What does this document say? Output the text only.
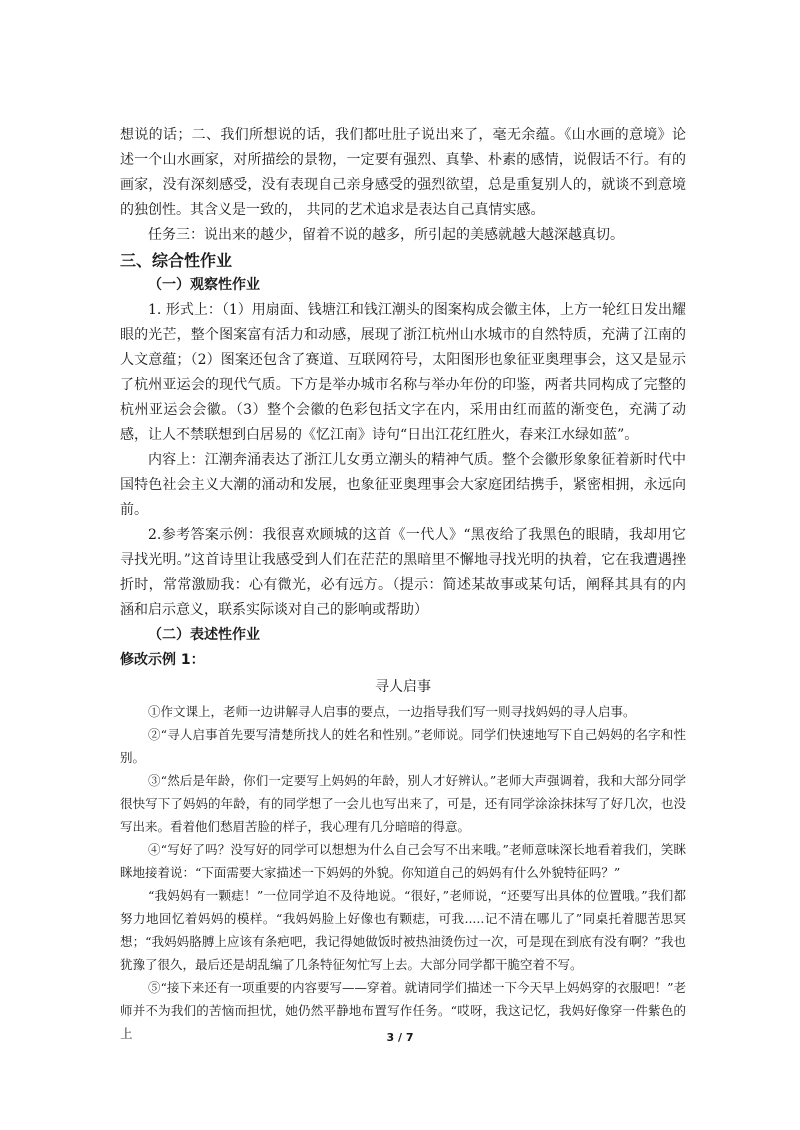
想说的话；二、我们所想说的话，我们都吐肚子说出来了，毫无余蕴。《山水画的意境》论述一个山水画家，对所描绘的景物，一定要有强烈、真挚、朴素的感情，说假话不行。有的画家，没有深刻感受，没有表现自己亲身感受的强烈欲望，总是重复别人的，就谈不到意境的独创性。其含义是一致的， 共同的艺术追求是表达自己真情实感。

任务三：说出来的越少，留着不说的越多，所引起的美感就越大越深越真切。

三、综合性作业
（一）观察性作业

1. 形式上：（1）用扇面、钱塘江和钱江潮头的图案构成会徽主体，上方一轮红日发出耀眼的光芒，整个图案富有活力和动感，展现了浙江杭州山水城市的自然特质，充满了江南的人文意蕴；（2）图案还包含了赛道、互联网符号，太阳图形也象征亚奥理事会，这又是显示了杭州亚运会的现代气质。下方是举办城市名称与举办年份的印鉴，两者共同构成了完整的杭州亚运会会徽。（3）整个会徽的色彩包括文字在内，采用由红而蓝的渐变色，充满了动感，让人不禁联想到白居易的《忆江南》诗句“日出江花红胜火，春来江水绿如蓝”。

内容上：江潮奔涌表达了浙江儿女勇立潮头的精神气质。整个会徽形象象征着新时代中国特色社会主义大潮的涌动和发展，也象征亚奥理事会大家庭团结携手，紧密相拥，永远向前。

2.参考答案示例：我很喜欢顾城的这首《一代人》“黑夜给了我黑色的眼睛，我却用它寻找光明。”这首诗里让我感受到人们在茫茫的黑暗里不懈地寻找光明的执着，它在我遭遇挫折时，常常激励我：心有微光，必有远方。（提示：简述某故事或某句话，阐释其具有的内涵和启示意义，联系实际谈对自己的影响或帮助）

（二）表述性作业
修改示例 1：

寻人启事

①作文课上，老师一边讲解寻人启事的要点，一边指导我们写一则寻找妈妈的寻人启事。

②“寻人启事首先要写清楚所找人的姓名和性别。”老师说。同学们快速地写下自己妈妈的名字和性别。

③“然后是年龄，你们一定要写上妈妈的年龄，别人才好辨认。”老师大声强调着，我和大部分同学很快写下了妈妈的年龄，有的同学想了一会儿也写出来了，可是，还有同学涂涂抹抹写了好几次，也没写出来。看着他们愁眉苦脸的样子，我心理有几分暗暗的得意。

④“写好了吗？没写好的同学可以想想为什么自己会写不出来哦。”老师意味深长地看着我们，笑眯眯地接着说：“下面需要大家描述一下妈妈的外貌。你知道自己的妈妈有什么外貌特征吗？”

“我妈妈有一颗痣！”一位同学迫不及待地说。“很好，”老师说，“还要写出具体的位置哦。”我们都努力地回忆着妈妈的模样。“我妈妈脸上好像也有颗痣，可我.....记不清在哪儿了”同桌托着腮苦思冥想；“我妈妈胳膊上应该有条疤吧，我记得她做饭时被热油烫伤过一次，可是现在到底有没有啊？”我也犹豫了很久，最后还是胡乱编了几条特征匆忙写上去。大部分同学都干脆空着不写。

⑤“接下来还有一项重要的内容要写——穿着。就请同学们描述一下今天早上妈妈穿的衣服吧！”老师并不为我们的苦恼而担忧，她仍然平静地布置写作任务。“哎呀，我这记忆，我妈好像穿一件紫色的上	3 / 7
